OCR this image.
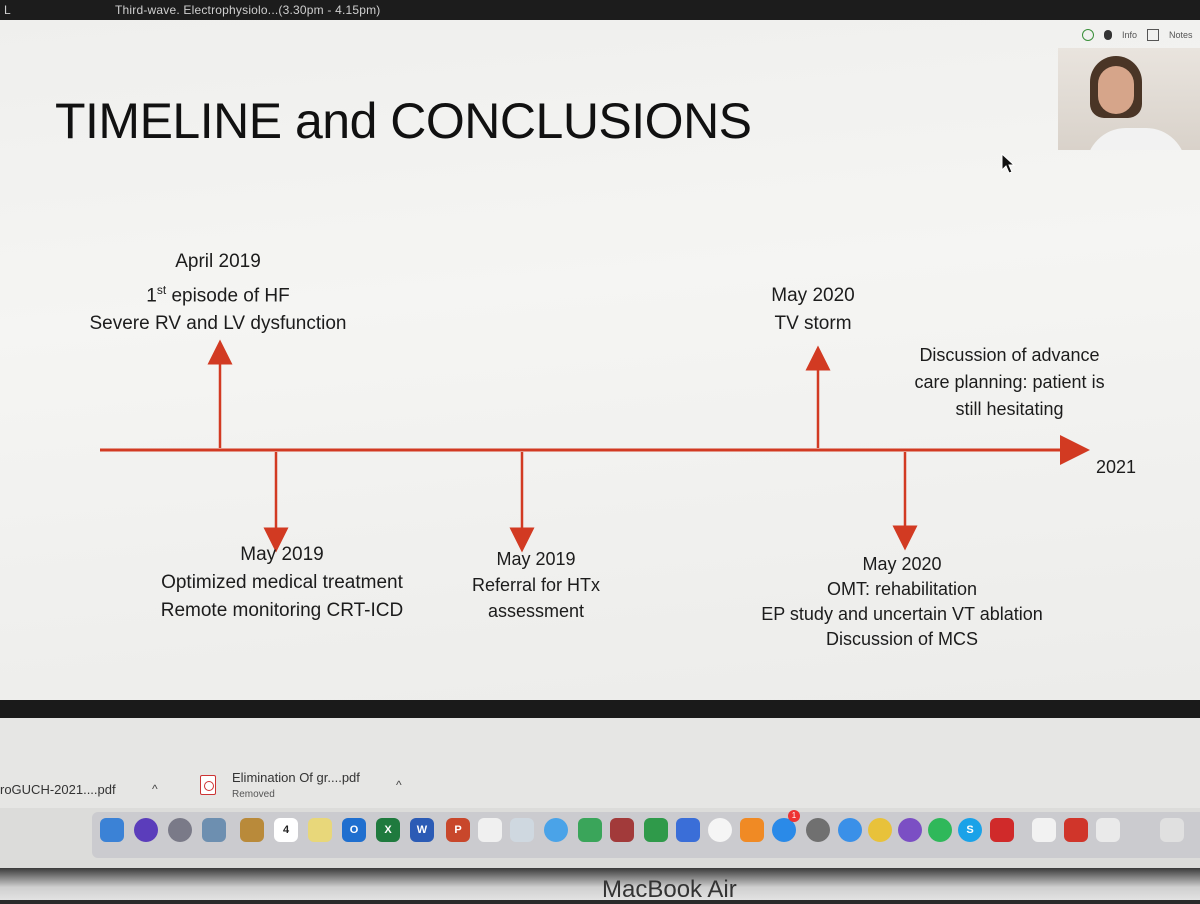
L	Third-wave. Electrophysiolo...(3.30pm - 4.15pm)
Info	Notes
TIMELINE and CONCLUSIONS
April 2019
1st episode of HF
Severe RV and LV dysfunction
May 2020
TV storm
Discussion of advance
care planning: patient is
still hesitating
May 2019
Optimized medical treatment
Remote monitoring CRT-ICD
May 2019
Referral for HTx
assessment
May 2020
OMT: rehabilitation
EP study and uncertain VT ablation
Discussion of MCS
2021
roGUCH-2021....pdf	^
Elimination Of gr....pdf
Removed
^
4	O	X	W	P
1
S
MacBook Air
